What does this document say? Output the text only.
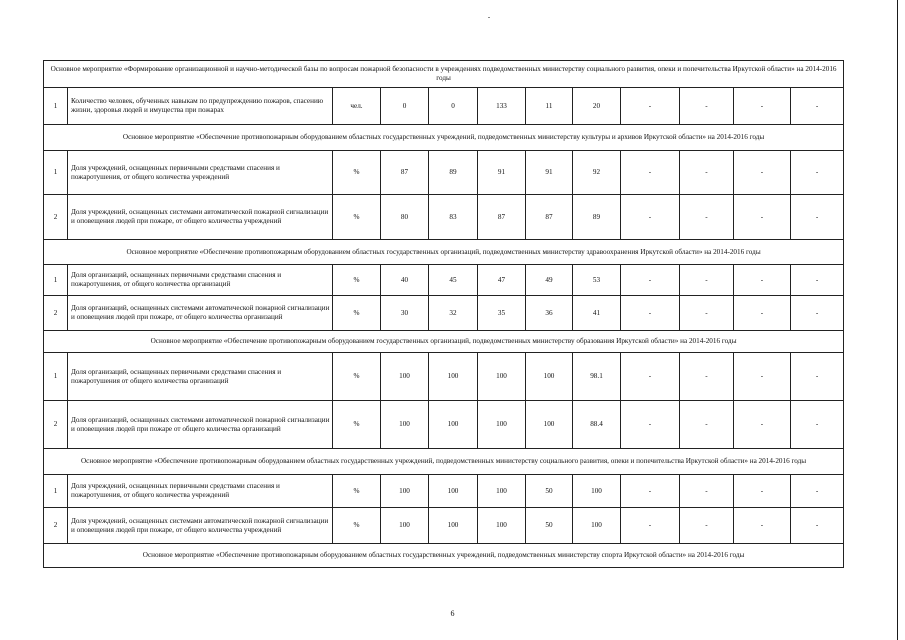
Основное мероприятие «Формирование организационной и научно-методической базы по вопросам пожарной безопасности в учреждениях подведомственных министерству социального развития, опеки и попечительства Иркутской области» на 2014-2016 годы											
1	Количество человек, обученных навыкам по предупреждению пожаров, спасению жизни, здоровья людей и имущества при пожарах	чел.	0	0	133	11	20	-	-	-	-
Основное мероприятие «Обеспечение противопожарным оборудованием областных государственных учреждений, подведомственных министерству культуры и архивов Иркутской области» на 2014-2016 годы											
1	Доля учреждений, оснащенных первичными средствами спасения и пожаротушения, от общего количества учреждений	%	87	89	91	91	92	-	-	-	-
2	Доля учреждений, оснащенных системами автоматической пожарной сигнализации и оповещения людей при пожаре, от общего количества учреждений	%	80	83	87	87	89	-	-	-	-
Основное мероприятие «Обеспечение противопожарным оборудованием областных государственных организаций, подведомственных министерству здравоохранения Иркутской области» на 2014-2016 годы											
1	Доля организаций, оснащенных первичными средствами спасения и пожаротушения, от общего количества организаций	%	40	45	47	49	53	-	-	-	-
2	Доля организаций, оснащенных системами автоматической пожарной сигнализации и оповещения людей при пожаре, от общего количества организаций	%	30	32	35	36	41	-	-	-	-
Основное мероприятие «Обеспечение противопожарным оборудованием государственных организаций, подведомственных министерству образования Иркутской области» на 2014-2016 годы											
1	Доля организаций, оснащенных первичными средствами спасения и пожаротушения от общего количества организаций	%	100	100	100	100	98.1	-	-	-	-
2	Доля организаций, оснащенных системами автоматической пожарной сигнализации и оповещения людей при пожаре от общего количества организаций	%	100	100	100	100	88.4	-	-	-	-
Основное мероприятие «Обеспечение противопожарным оборудованием областных государственных учреждений, подведомственных министерству социального развития, опеки и попечительства Иркутской области» на 2014-2016 годы											
1	Доля учреждений, оснащенных первичными средствами спасения и пожаротушения, от общего количества учреждений	%	100	100	100	50	100	-	-	-	-
2	Доля учреждений, оснащенных системами автоматической пожарной сигнализации и оповещения людей при пожаре, от общего количества учреждений	%	100	100	100	50	100	-	-	-	-
Основное мероприятие «Обеспечение противопожарным оборудованием областных государственных учреждений, подведомственных министерству спорта Иркутской области» на 2014-2016 годы											
6
